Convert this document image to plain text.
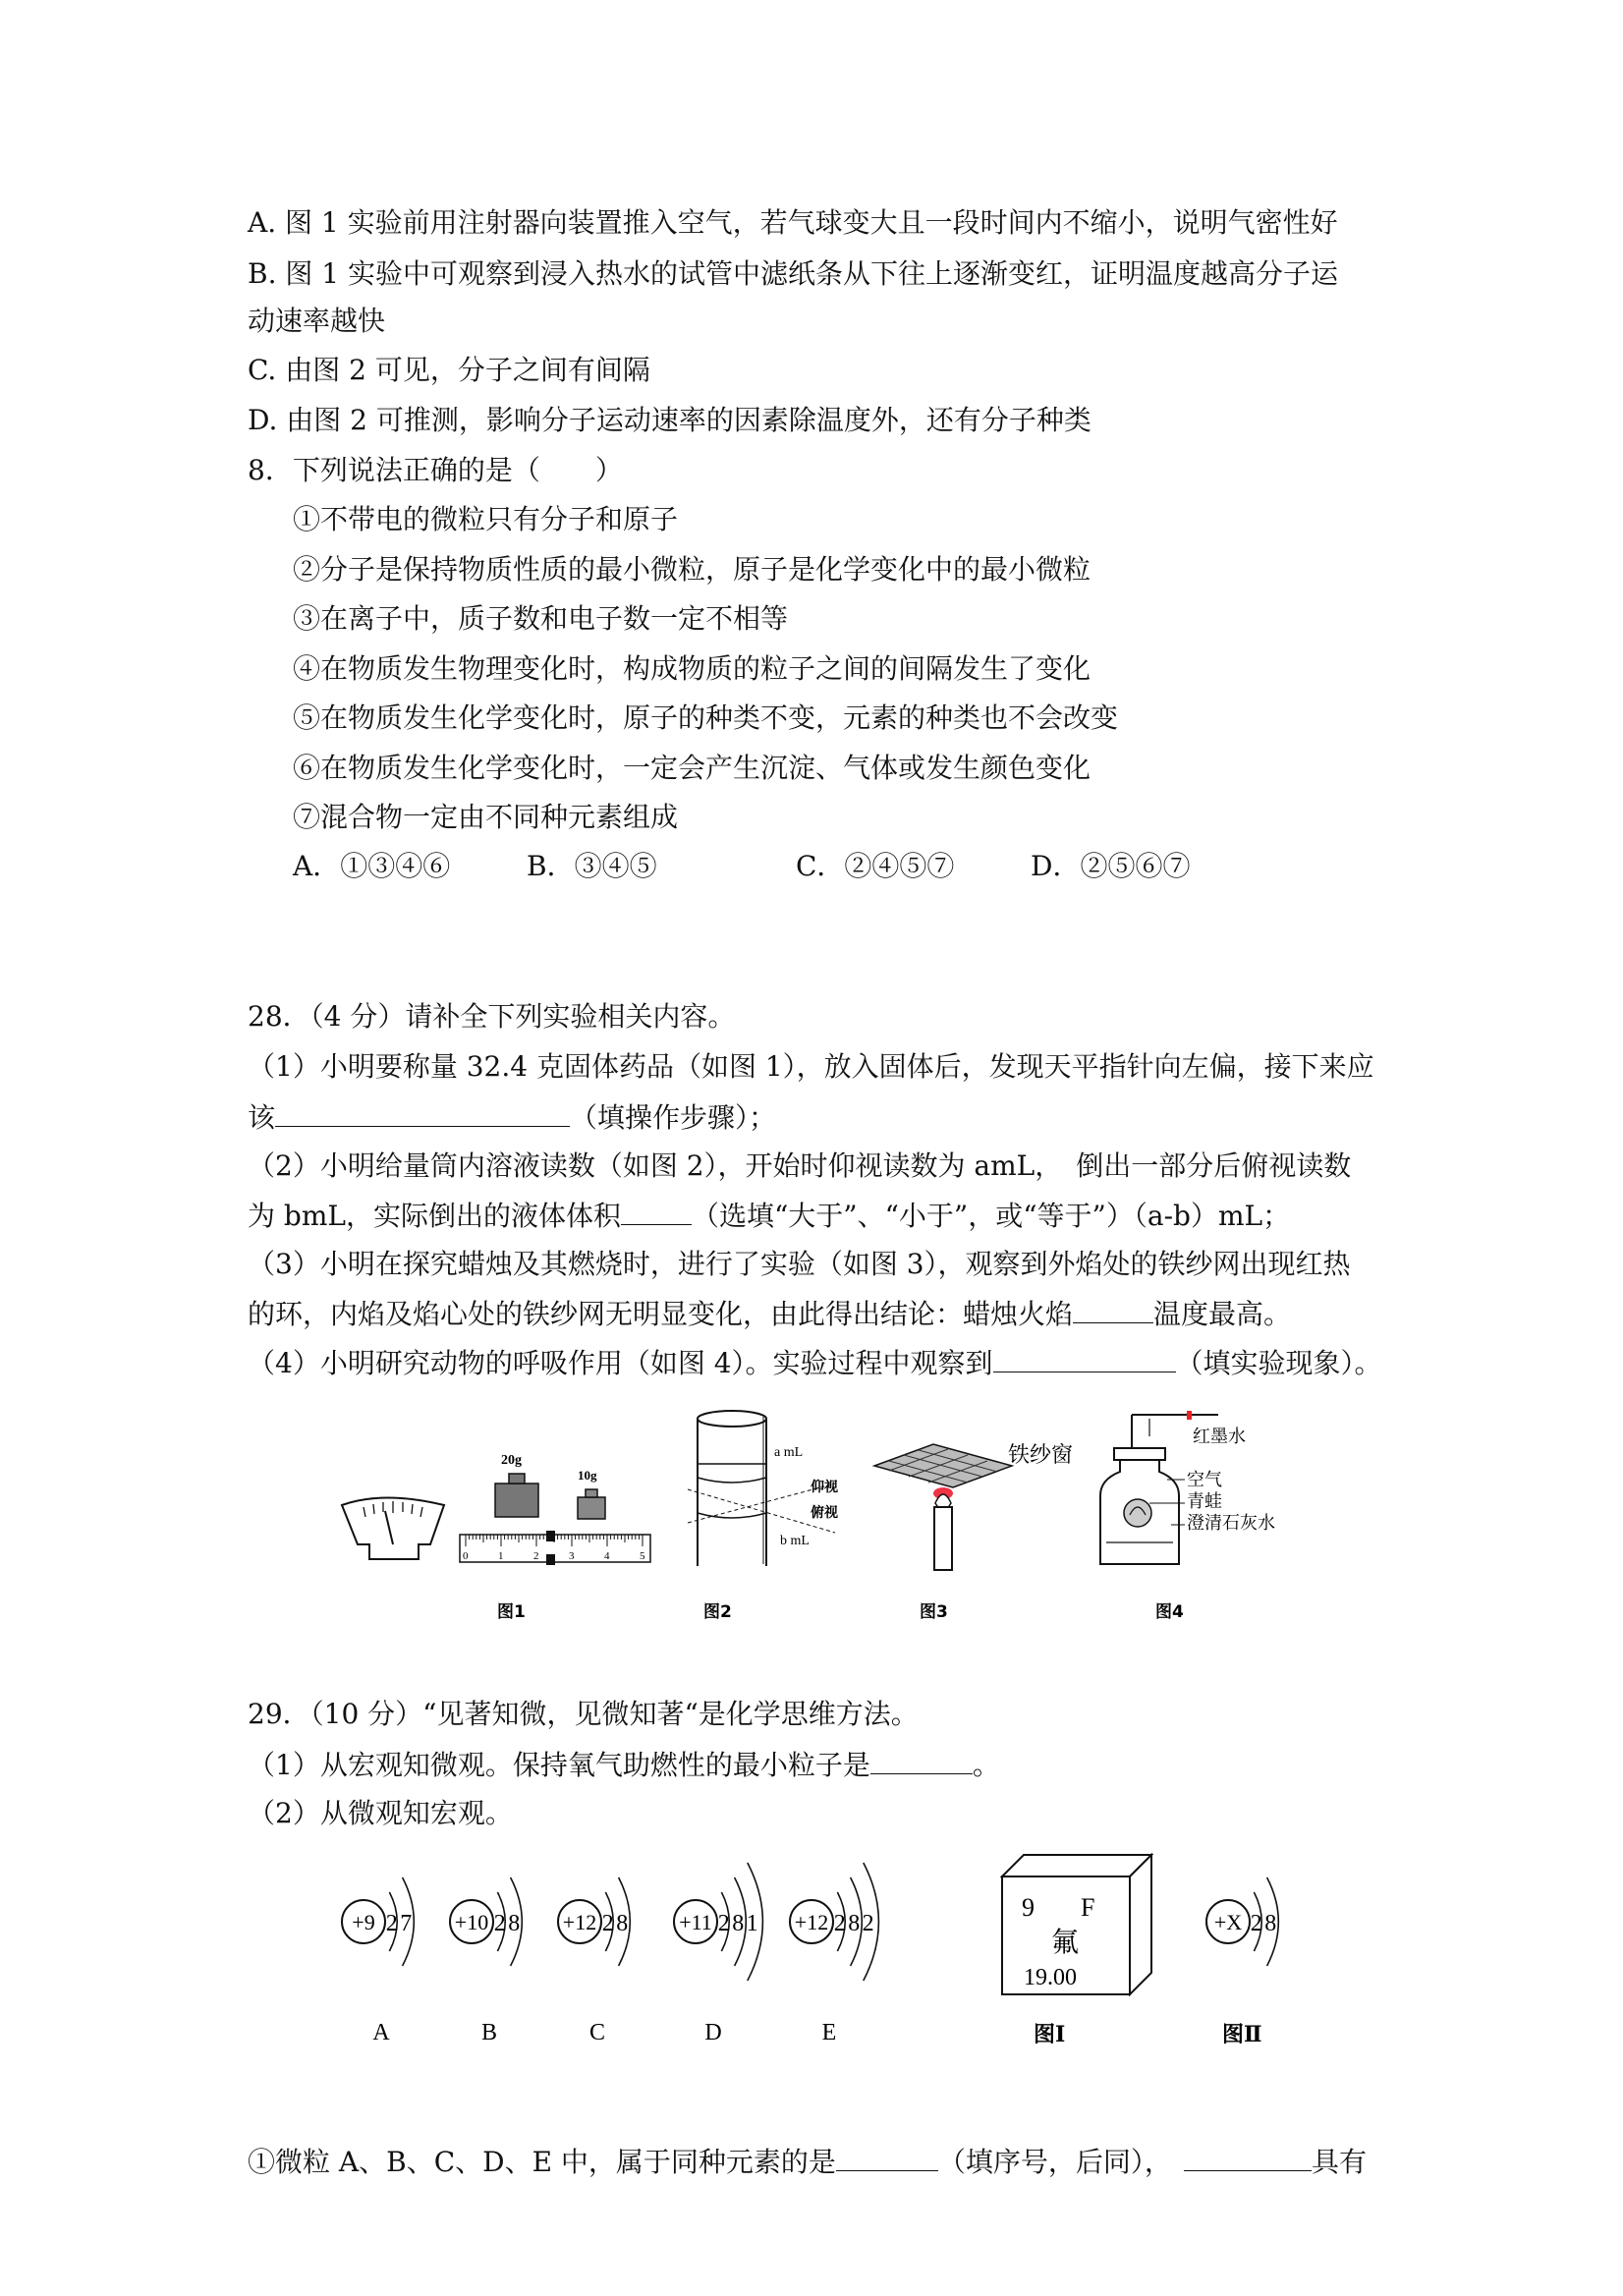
A. 图 1 实验前用注射器向装置推入空气，若气球变大且一段时间内不缩小，说明气密性好
B. 图 1 实验中可观察到浸入热水的试管中滤纸条从下往上逐渐变红，证明温度越高分子运
动速率越快
C. 由图 2 可见，分子之间有间隔
D. 由图 2 可推测，影响分子运动速率的因素除温度外，还有分子种类
8．下列说法正确的是（　　）
①不带电的微粒只有分子和原子
②分子是保持物质性质的最小微粒，原子是化学变化中的最小微粒
③在离子中，质子数和电子数一定不相等
④在物质发生物理变化时，构成物质的粒子之间的间隔发生了变化
⑤在物质发生化学变化时，原子的种类不变，元素的种类也不会改变
⑥在物质发生化学变化时，一定会产生沉淀、气体或发生颜色变化
⑦混合物一定由不同种元素组成
A．①③④⑥	B．③④⑤	C．②④⑤⑦	D．②⑤⑥⑦
28．（4 分）请补全下列实验相关内容。
（1）小明要称量 32.4 克固体药品（如图 1），放入固体后，发现天平指针向左偏，接下来应
该	（填操作步骤）；
（2）小明给量筒内溶液读数（如图 2），开始时仰视读数为 amL，　倒出一部分后俯视读数
为 bmL，实际倒出的液体体积	（选填“大于”、“小于”，或“等于”）（a-b）mL；
（3）小明在探究蜡烛及其燃烧时，进行了实验（如图 3），观察到外焰处的铁纱网出现红热
的环，内焰及焰心处的铁纱网无明显变化，由此得出结论：蜡烛火焰	温度最高。
（4）小明研究动物的呼吸作用（如图 4）。实验过程中观察到	（填实验现象）。
20g
10g
图1
a mL
仰视
俯视
b mL
图2
铁纱窗
图3
红墨水
空气
青蛙
澄清石灰水
图4
0	1	2	3	4	5
29．（10 分）“见著知微，见微知著“是化学思维方法。
（1）从宏观知微观。保持氧气助燃性的最小粒子是	。
（2）从微观知宏观。
+9 2 7
A
+10 2 8
B
+12 2 8
C
+11 2 8 1
D
+12 2 8 2
E
+X 2 8
9 F
氟
19.00
图Ⅰ	图Ⅱ
①微粒 A、B、C、D、E 中，属于同种元素的是	（填序号，后同），	具有
